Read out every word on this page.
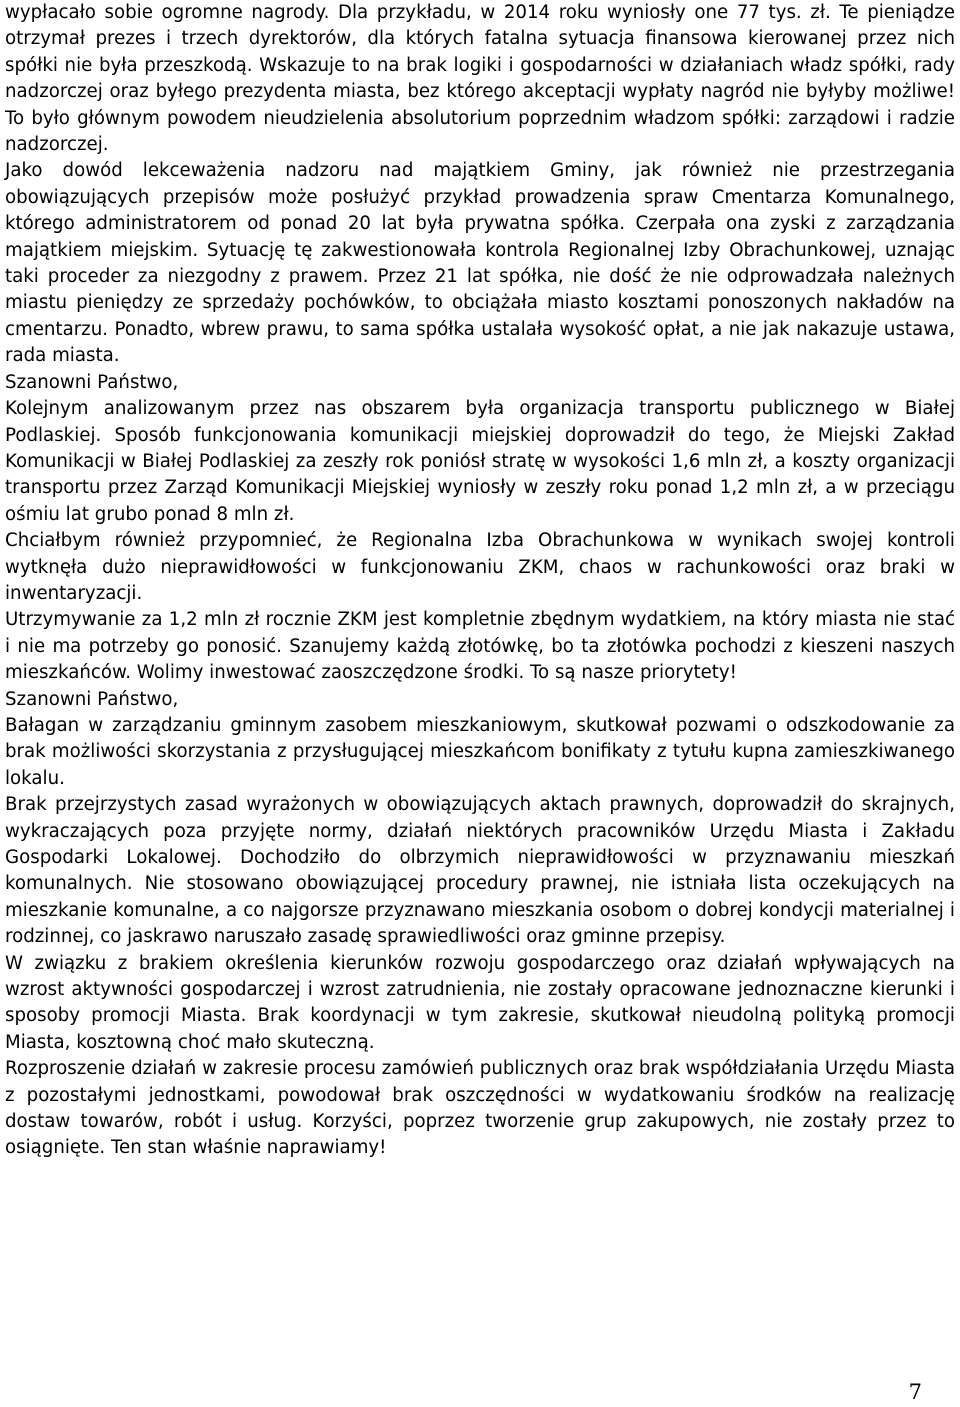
wypłacało sobie ogromne nagrody. Dla przykładu, w 2014 roku wyniosły one 77 tys. zł. Te pieniądze otrzymał prezes i trzech dyrektorów, dla których fatalna sytuacja finansowa kierowanej przez nich spółki nie była przeszkodą. Wskazuje to na brak logiki i gospodarności w działaniach władz spółki, rady nadzorczej oraz byłego prezydenta miasta, bez którego akceptacji wypłaty nagród nie byłyby możliwe! To było głównym powodem nieudzielenia absolutorium poprzednim władzom spółki: zarządowi i radzie nadzorczej.

Jako dowód lekceważenia nadzoru nad majątkiem Gminy, jak również nie przestrzegania obowiązujących przepisów może posłużyć przykład prowadzenia spraw Cmentarza Komunalnego, którego administratorem od ponad 20 lat była prywatna spółka. Czerpała ona zyski z zarządzania majątkiem miejskim. Sytuację tę zakwestionowała kontrola Regionalnej Izby Obrachunkowej, uznając taki proceder za niezgodny z prawem. Przez 21 lat spółka, nie dość że nie odprowadzała należnych miastu pieniędzy ze sprzedaży pochówków, to obciążała miasto kosztami ponoszonych nakładów na cmentarzu. Ponadto, wbrew prawu, to sama spółka ustalała wysokość opłat, a nie jak nakazuje ustawa, rada miasta.

Szanowni Państwo,

Kolejnym analizowanym przez nas obszarem była organizacja transportu publicznego w Białej Podlaskiej. Sposób funkcjonowania komunikacji miejskiej doprowadził do tego, że Miejski Zakład Komunikacji w Białej Podlaskiej za zeszły rok poniósł stratę w wysokości 1,6 mln zł, a koszty organizacji transportu przez Zarząd Komunikacji Miejskiej wyniosły w zeszły roku ponad 1,2 mln zł, a w przeciągu ośmiu lat grubo ponad 8 mln zł.

Chciałbym również przypomnieć, że Regionalna Izba Obrachunkowa w wynikach swojej kontroli wytknęła dużo nieprawidłowości w funkcjonowaniu ZKM, chaos w rachunkowości oraz braki w inwentaryzacji.

Utrzymywanie za 1,2 mln zł rocznie ZKM jest kompletnie zbędnym wydatkiem, na który miasta nie stać i nie ma potrzeby go ponosić. Szanujemy każdą złotówkę, bo ta złotówka pochodzi z kieszeni naszych mieszkańców. Wolimy inwestować zaoszczędzone środki. To są nasze priorytety!

Szanowni Państwo,

Bałagan w zarządzaniu gminnym zasobem mieszkaniowym, skutkował pozwami o odszkodowanie za brak możliwości skorzystania z przysługującej mieszkańcom bonifikaty z tytułu kupna zamieszkiwanego lokalu.

Brak przejrzystych zasad wyrażonych w obowiązujących aktach prawnych, doprowadził do skrajnych, wykraczających poza przyjęte normy, działań niektórych pracowników Urzędu Miasta i Zakładu Gospodarki Lokalowej. Dochodziło do olbrzymich nieprawidłowości w przyznawaniu mieszkań komunalnych. Nie stosowano obowiązującej procedury prawnej, nie istniała lista oczekujących na mieszkanie komunalne, a co najgorsze przyznawano mieszkania osobom o dobrej kondycji materialnej i rodzinnej, co jaskrawo naruszało zasadę sprawiedliwości oraz gminne przepisy.

W związku z brakiem określenia kierunków rozwoju gospodarczego oraz działań wpływających na wzrost aktywności gospodarczej i wzrost zatrudnienia, nie zostały opracowane jednoznaczne kierunki i sposoby promocji Miasta. Brak koordynacji w tym zakresie, skutkował nieudolną polityką promocji Miasta, kosztowną choć mało skuteczną.

Rozproszenie działań w zakresie procesu zamówień publicznych oraz brak współdziałania Urzędu Miasta z pozostałymi jednostkami, powodował brak oszczędności w wydatkowaniu środków na realizację dostaw towarów, robót i usług. Korzyści, poprzez tworzenie grup zakupowych, nie zostały przez to osiągnięte. Ten stan właśnie naprawiamy!

7
